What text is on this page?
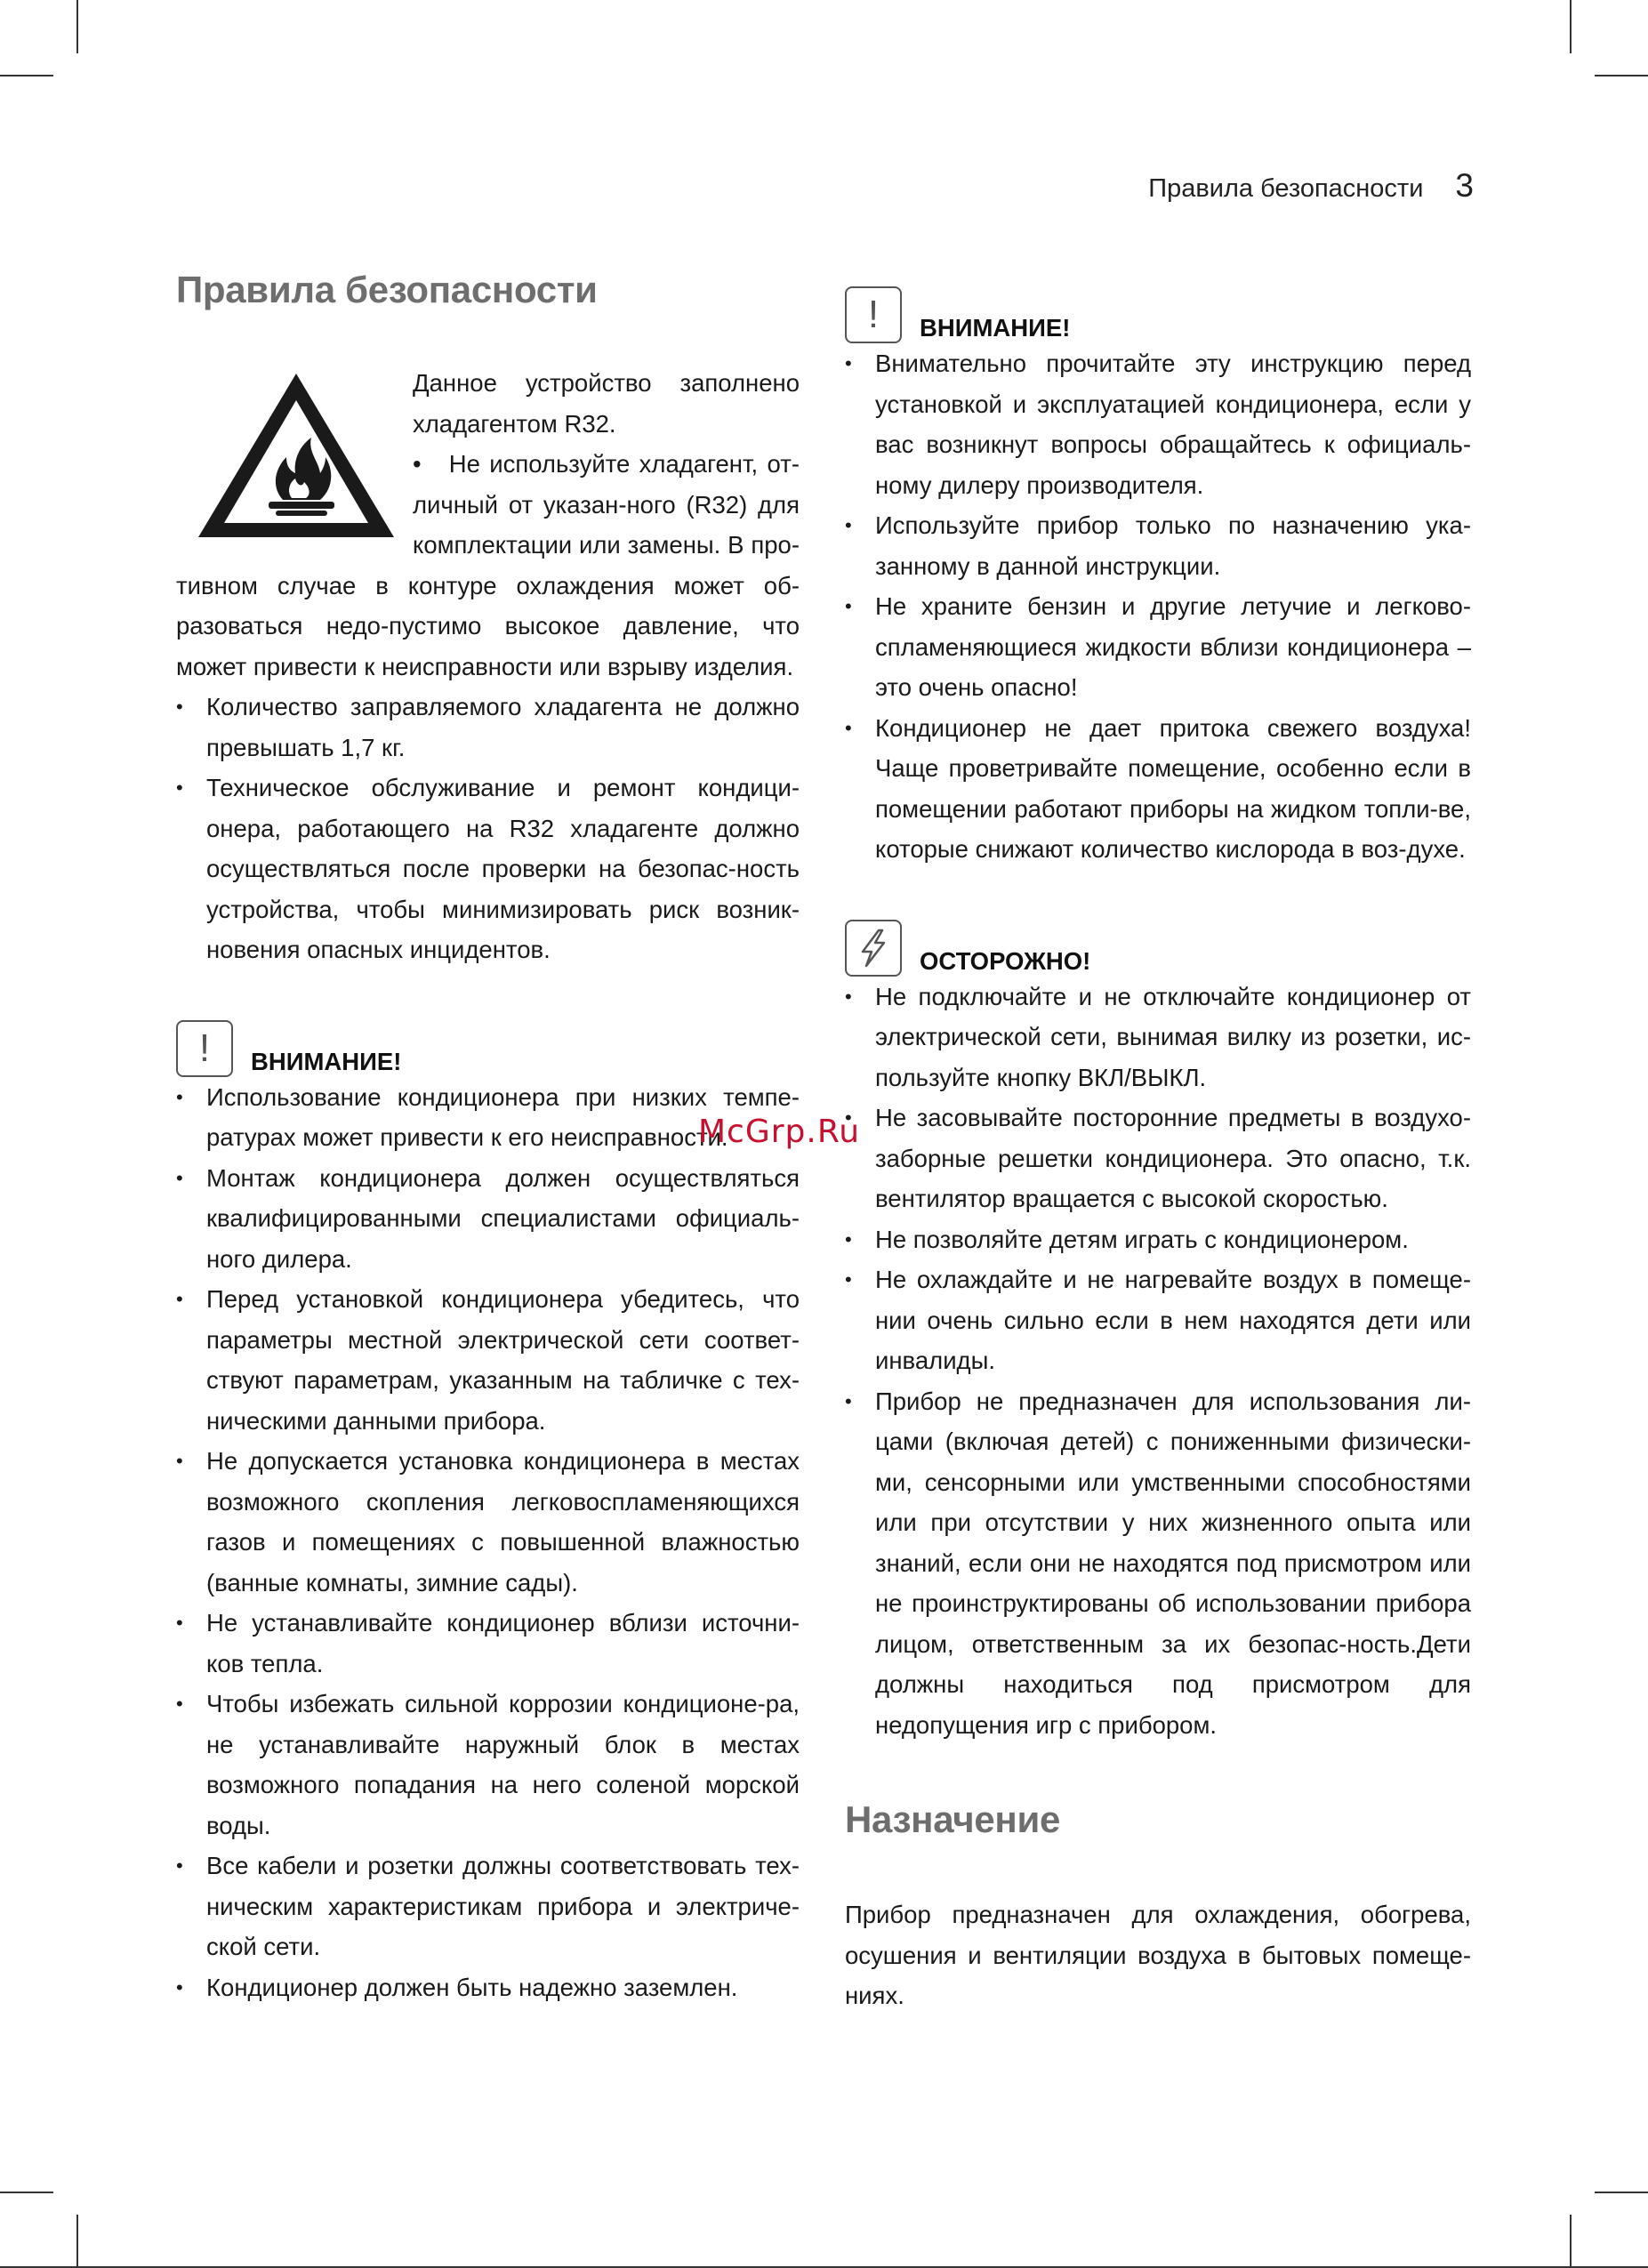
Правила безопасности 3
Правила безопасности

Данное устройство заполнено хладагентом R32.

•   Не используйте хладагент, от-личный от указан-ного (R32) для комплектации или замены. В про-тивном случае в контуре охлаждения может об-разоваться недо-пустимо высокое давление, что может привести к неисправности или взрыву изделия.

• Количество заправляемого хладагента не должно превышать 1,7 кг.
• Техническое обслуживание и ремонт кондици-онера, работающего на R32 хладагенте должно осуществляться после проверки на безопас-ность устройства, чтобы минимизировать риск возник-новения опасных инцидентов.
!	ВНИМАНИЕ!
• Использование кондиционера при низких темпе-ратурах может привести к его неисправности.
• Монтаж кондиционера должен осуществляться квалифицированными специалистами официаль-ного дилера.
• Перед установкой кондиционера убедитесь, что параметры местной электрической сети соответ-ствуют параметрам, указанным на табличке с тех-ническими данными прибора.
• Не допускается установка кондиционера в местах возможного скопления легковоспламеняющихся газов и помещениях с повышенной влажностью (ванные комнаты, зимние сады).
• Не устанавливайте кондиционер вблизи источни-ков тепла.
• Чтобы избежать сильной коррозии кондиционе-ра, не устанавливайте наружный блок в местах возможного попадания на него соленой морской воды.
• Все кабели и розетки должны соответствовать тех-ническим характеристикам прибора и электриче-ской сети.
• Кондиционер должен быть надежно заземлен.
!	ВНИМАНИЕ!
• Внимательно прочитайте эту инструкцию перед установкой и эксплуатацией кондиционера, если у вас возникнут вопросы обращайтесь к официаль-ному дилеру производителя.
• Используйте прибор только по назначению ука-занному в данной инструкции.
• Не храните бензин и другие летучие и легково-спламеняющиеся жидкости вблизи кондиционера – это очень опасно!
• Кондиционер не дает притока свежего воздуха! Чаще проветривайте помещение, особенно если в помещении работают приборы на жидком топли-ве, которые снижают количество кислорода в воз-духе.
ОСТОРОЖНО!
• Не подключайте и не отключайте кондиционер от электрической сети, вынимая вилку из розетки, ис-пользуйте кнопку ВКЛ/ВЫКЛ.
• Не засовывайте посторонние предметы в воздухо-заборные решетки кондиционера. Это опасно, т.к. вентилятор вращается с высокой скоростью.
• Не позволяйте детям играть с кондиционером.
• Не охлаждайте и не нагревайте воздух в помеще-нии очень сильно если в нем находятся дети или инвалиды.
• Прибор не предназначен для использования ли-цами (включая детей) с пониженными физически-ми, сенсорными или умственными способностями или при отсутствии у них жизненного опыта или знаний, если они не находятся под присмотром или не проинструктированы об использовании прибора лицом, ответственным за их безопас-ность.Дети должны находиться под присмотром для недопущения игр с прибором.
Назначение

Прибор предназначен для охлаждения, обогрева, осушения и вентиляции воздуха в бытовых помеще-ниях.

McGrp.Ru
